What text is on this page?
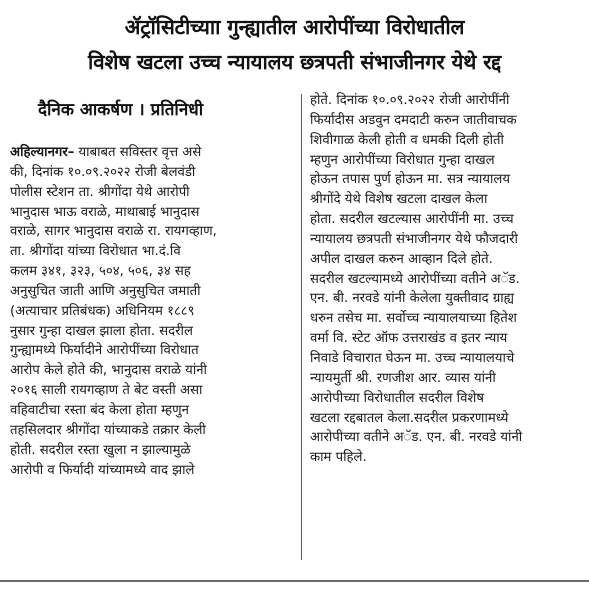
ॲट्रॉसिटीच्याा गुन्ह्यातील आरोपींच्या विरोधातील
विशेष खटला उच्च न्यायालय छत्रपती संभाजीनगर येथे रद्द
दैनिक आकर्षण । प्रतिनिधी
अहिल्यानगर– याबाबत सविस्तर वृत्त असे
की, दिनांक १०.०९.२०२२ रोजी बेलवंडी
पोलीस स्टेशन ता. श्रीगोंदा येथे आरोपी
भानुदास भाऊ वराळे, माथाबाई भानुदास
वराळे, सागर भानुदास वराळे रा. रायगव्हाण,
ता. श्रीगोंदा यांच्या विरोधात भा.दं.वि
कलम ३४१, ३२३, ५०४, ५०६, ३४ सह
अनुसुचित जाती आणि अनुसुचित जमाती
(अत्याचार प्रतिबंधक) अधिनियम १८८९
नुसार गुन्हा दाखल झाला होता. सदरील
गुन्ह्यामध्ये फिर्यादीने आरोपींच्या विरोधात
आरोप केले होते की, भानुदास वराळे यांनी
२०१६ साली रायगव्हाण ते बेट वस्ती असा
वहिवाटीचा रस्ता बंद केला होता म्हणुन
तहसिलदार श्रीगोंदा यांच्याकडे तक्रार केली
होती. सदरील रस्ता खुला न झाल्यामुळे
आरोपी व फिर्यादी यांच्यामध्ये वाद झाले
होते. दिनांक १०.०९.२०२२ रोजी आरोपींनी
फिर्यादीस अडवुन दमदाटी करुन जातीवाचक
शिवीगाळ केली होती व धमकी दिली होती
म्हणुन आरोपींच्या विरोधात गुन्हा दाखल
होऊन तपास पुर्ण होऊन मा. सत्र न्यायालय
श्रीगोंदे येथे विशेष खटला दाखल केला
होता. सदरील खटल्यास आरोपींनी मा. उच्च
न्यायालय छत्रपती संभाजीनगर येथे फौजदारी
अपील दाखल करुन आव्हान दिले होते.
सदरील खटल्यामध्ये आरोपींच्या वतीने अॅड.
एन. बी. नरवडे यांनी केलेला युक्तीवाद ग्राह्य
धरुन तसेच मा. सर्वोच्च न्यायालयाच्या हितेश
वर्मा वि. स्टेट ऑफ उत्तराखंड व इतर न्याय
निवाडे विचारात घेऊन मा. उच्च न्यायालयाचे
न्यायमुर्ती श्री. रणजीश आर. व्यास यांनी
आरोपीच्या विरोधातील सदरील विशेष
खटला रद्दबातल केला.सदरील प्रकरणामध्ये
आरोपीच्या वतीने अॅड. एन. बी. नरवडे यांनी
काम पहिले.
